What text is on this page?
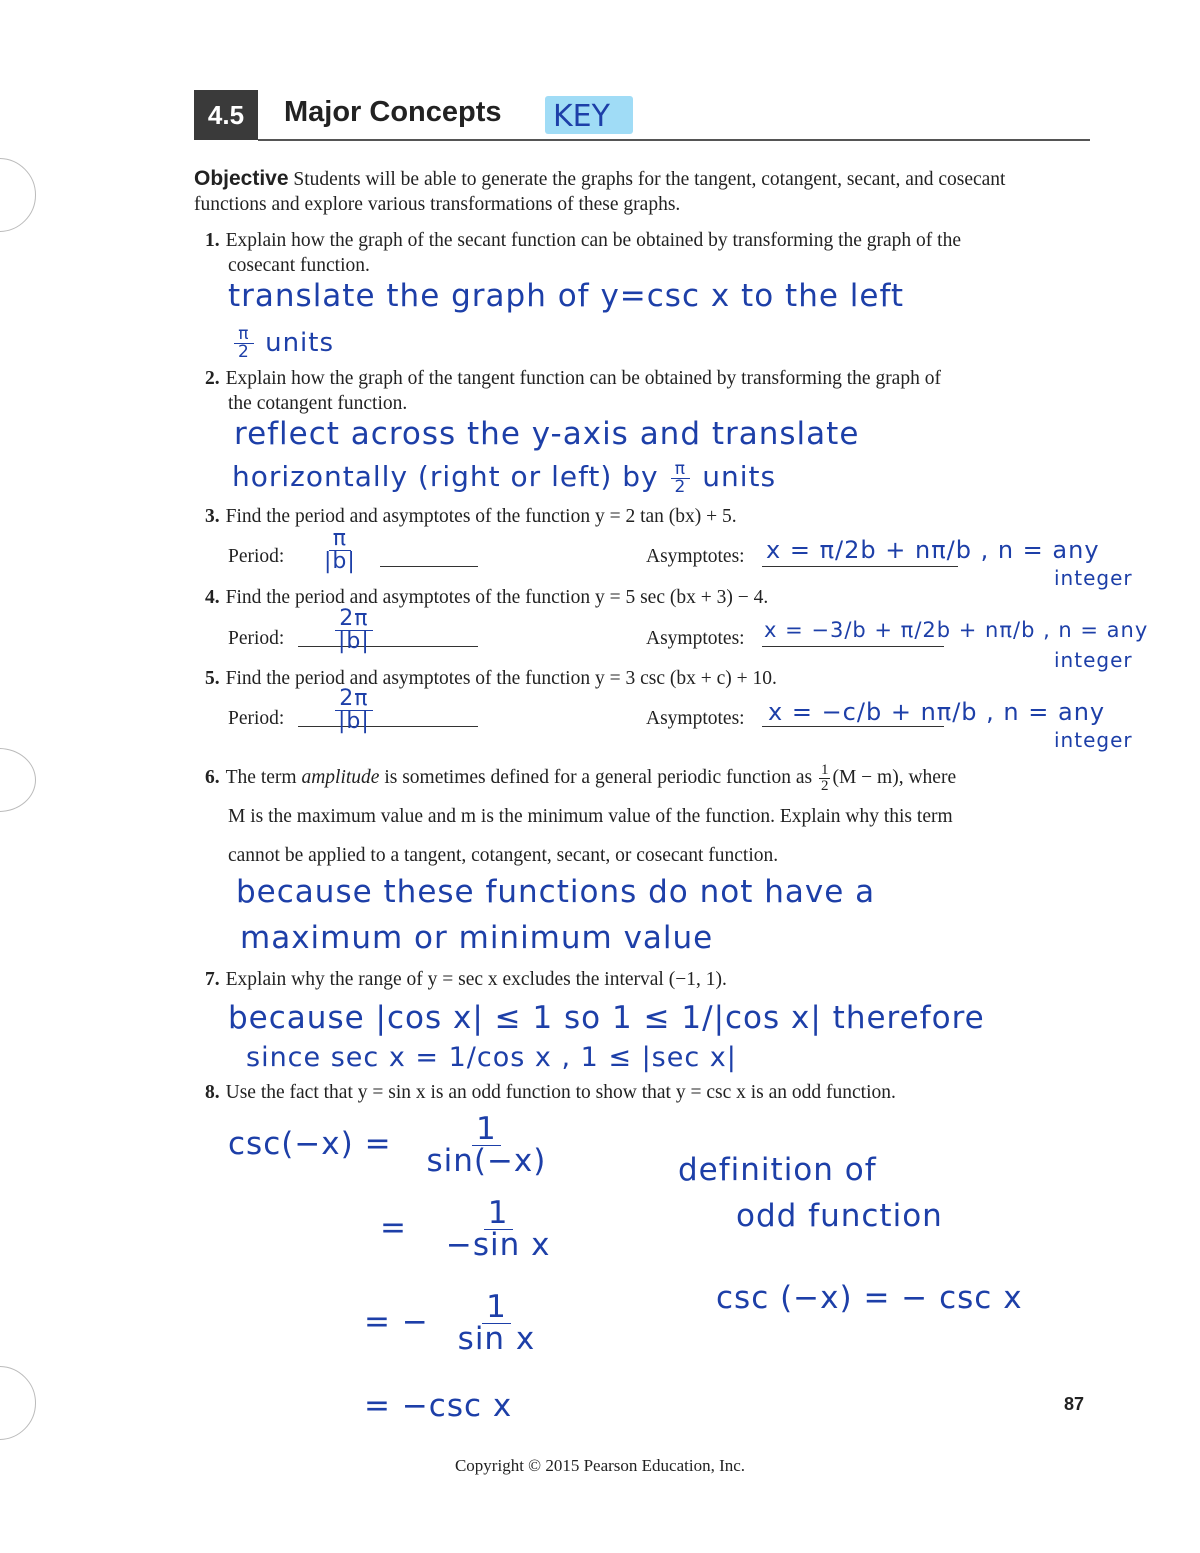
4.5	Major Concepts KEY
Objective Students will be able to generate the graphs for the tangent, cotangent, secant, and cosecant functions and explore various transformations of these graphs.
1. Explain how the graph of the secant function can be obtained by transforming the graph of the
cosecant function.
translate the graph of y=csc x to the left
$\frac{\pi}{2}$ units
2. Explain how the graph of the tangent function can be obtained by transforming the graph of
the cotangent function.
reflect across the y-axis and translate
horizontally (right or left) by $\frac{\pi}{2}$ units
3. Find the period and asymptotes of the function y = 2 tan (bx) + 5.
Period: $\frac{\pi}{|b|}$	Asymptotes: x = π/2b + nπ/b , n = any
integer
4. Find the period and asymptotes of the function y = 5 sec (bx + 3) − 4.
Period: $\frac{2\pi}{|b|}$	Asymptotes: x = −3/b + π/2b + nπ/b , n = any
integer
5. Find the period and asymptotes of the function y = 3 csc (bx + c) + 10.
Period: $\frac{2\pi}{|b|}$	Asymptotes: x = −c/b + nπ/b , n = any
integer
6. The term amplitude is sometimes defined for a general periodic function as $\frac{1}{2} (M - m)$, where
M is the maximum value and m is the minimum value of the function. Explain why this term
cannot be applied to a tangent, cotangent, secant, or cosecant function.
because these functions do not have a
maximum or minimum value
7. Explain why the range of y = sec x excludes the interval (−1, 1).
because |cos x| ≤ 1 so 1 ≤ 1/|cos x| therefore
since sec x = 1/cos x , 1 ≤ |sec x|
8. Use the fact that y = sin x is an odd function to show that y = csc x is an odd function.
$\csc(-x) = \frac{1}{\sin(-x)}$
= $\frac{1}{\text{−sin x}}$
= − $\frac{1}{\text{sin x}}$
= −csc x
definition of
odd function
csc (−x) = − csc x
87
Copyright © 2015 Pearson Education, Inc.
